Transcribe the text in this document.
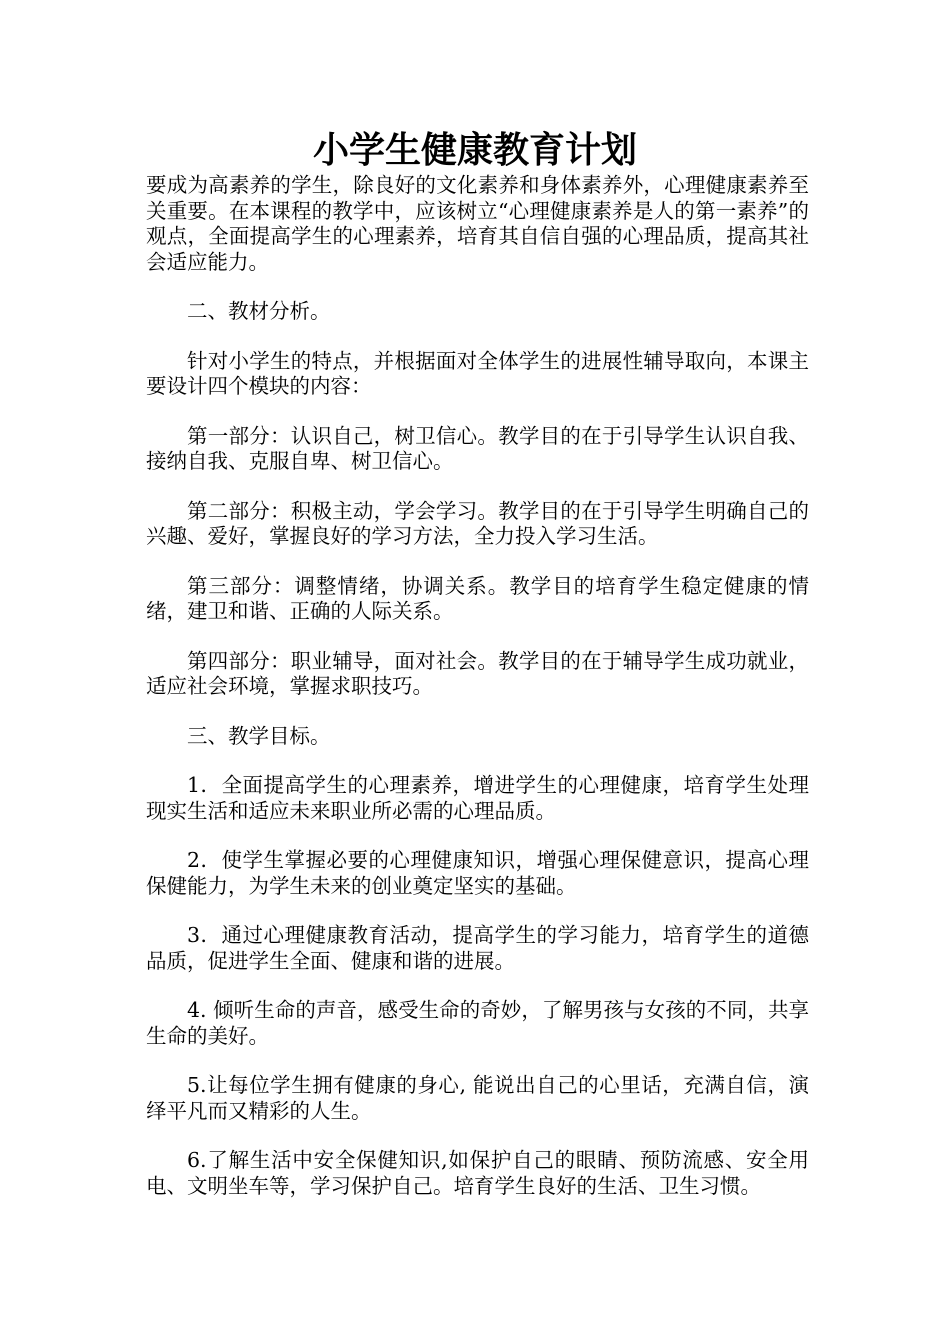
小学生健康教育计划

要成为高素养的学生，除良好的文化素养和身体素养外，心理健康素养至关重要。在本课程的教学中，应该树立“心理健康素养是人的第一素养”的观点，全面提高学生的心理素养，培育其自信自强的心理品质，提高其社会适应能力。

二、教材分析。

针对小学生的特点，并根据面对全体学生的进展性辅导取向，本课主要设计四个模块的内容：

第一部分：认识自己，树卫信心。教学目的在于引导学生认识自我、接纳自我、克服自卑、树卫信心。

第二部分：积极主动，学会学习。教学目的在于引导学生明确自己的兴趣、爱好，掌握良好的学习方法，全力投入学习生活。

第三部分：调整情绪，协调关系。教学目的培育学生稳定健康的情绪，建卫和谐、正确的人际关系。

第四部分：职业辅导，面对社会。教学目的在于辅导学生成功就业，适应社会环境，掌握求职技巧。

三、教学目标。

1．全面提高学生的心理素养，增进学生的心理健康，培育学生处理现实生活和适应未来职业所必需的心理品质。

2．使学生掌握必要的心理健康知识，增强心理保健意识，提高心理保健能力，为学生未来的创业奠定坚实的基础。

3．通过心理健康教育活动，提高学生的学习能力，培育学生的道德品质，促进学生全面、健康和谐的进展。

4. 倾听生命的声音，感受生命的奇妙，了解男孩与女孩的不同，共享生命的美好。

5.让每位学生拥有健康的身心, 能说出自己的心里话，充满自信，演绎平凡而又精彩的人生。

6.了解生活中安全保健知识,如保护自己的眼睛、预防流感、安全用电、文明坐车等，学习保护自己。培育学生良好的生活、卫生习惯。
